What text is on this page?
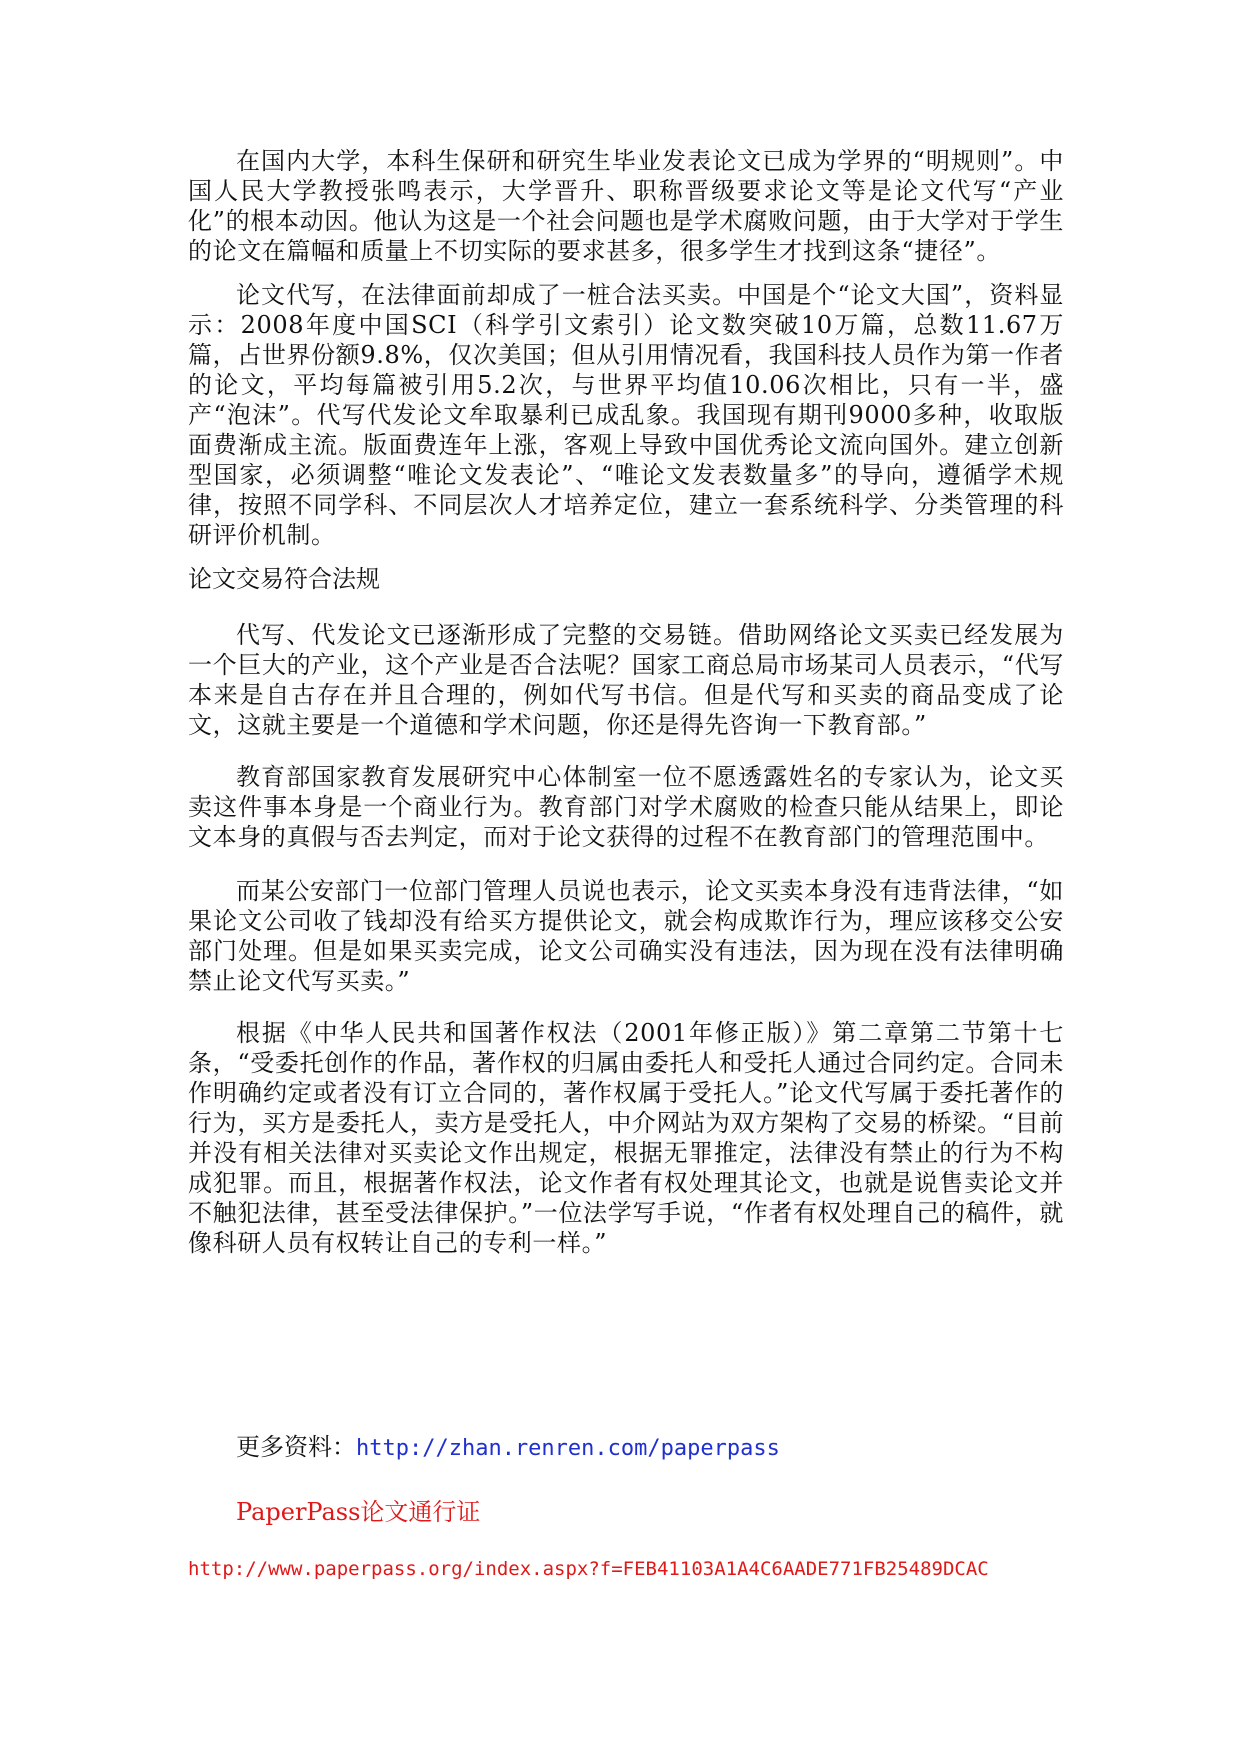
在国内大学，本科生保研和研究生毕业发表论文已成为学界的“明规则”。中国人民大学教授张鸣表示，大学晋升、职称晋级要求论文等是论文代写“产业化”的根本动因。他认为这是一个社会问题也是学术腐败问题，由于大学对于学生的论文在篇幅和质量上不切实际的要求甚多，很多学生才找到这条“捷径”。

论文代写，在法律面前却成了一桩合法买卖。中国是个“论文大国”，资料显示：2008年度中国SCI（科学引文索引）论文数突破10万篇，总数11.67万篇，占世界份额9.8%，仅次美国；但从引用情况看，我国科技人员作为第一作者的论文，平均每篇被引用5.2次，与世界平均值10.06次相比，只有一半，盛产“泡沫”。代写代发论文牟取暴利已成乱象。我国现有期刊9000多种，收取版面费渐成主流。版面费连年上涨，客观上导致中国优秀论文流向国外。建立创新型国家，必须调整“唯论文发表论”、“唯论文发表数量多”的导向，遵循学术规律，按照不同学科、不同层次人才培养定位，建立一套系统科学、分类管理的科研评价机制。

论文交易符合法规

代写、代发论文已逐渐形成了完整的交易链。借助网络论文买卖已经发展为一个巨大的产业，这个产业是否合法呢？国家工商总局市场某司人员表示，“代写本来是自古存在并且合理的，例如代写书信。但是代写和买卖的商品变成了论文，这就主要是一个道德和学术问题，你还是得先咨询一下教育部。”

教育部国家教育发展研究中心体制室一位不愿透露姓名的专家认为，论文买卖这件事本身是一个商业行为。教育部门对学术腐败的检查只能从结果上，即论文本身的真假与否去判定，而对于论文获得的过程不在教育部门的管理范围中。

而某公安部门一位部门管理人员说也表示，论文买卖本身没有违背法律，“如果论文公司收了钱却没有给买方提供论文，就会构成欺诈行为，理应该移交公安部门处理。但是如果买卖完成，论文公司确实没有违法，因为现在没有法律明确禁止论文代写买卖。”

根据《中华人民共和国著作权法（2001年修正版）》第二章第二节第十七条，“受委托创作的作品，著作权的归属由委托人和受托人通过合同约定。合同未作明确约定或者没有订立合同的，著作权属于受托人。”论文代写属于委托著作的行为，买方是委托人，卖方是受托人，中介网站为双方架构了交易的桥梁。“目前并没有相关法律对买卖论文作出规定，根据无罪推定，法律没有禁止的行为不构成犯罪。而且，根据著作权法，论文作者有权处理其论文，也就是说售卖论文并不触犯法律，甚至受法律保护。”一位法学写手说，“作者有权处理自己的稿件，就像科研人员有权转让自己的专利一样。”

更多资料：http://zhan.renren.com/paperpass

PaperPass论文通行证

http://www.paperpass.org/index.aspx?f=FEB41103A1A4C6AADE771FB25489DCAC
